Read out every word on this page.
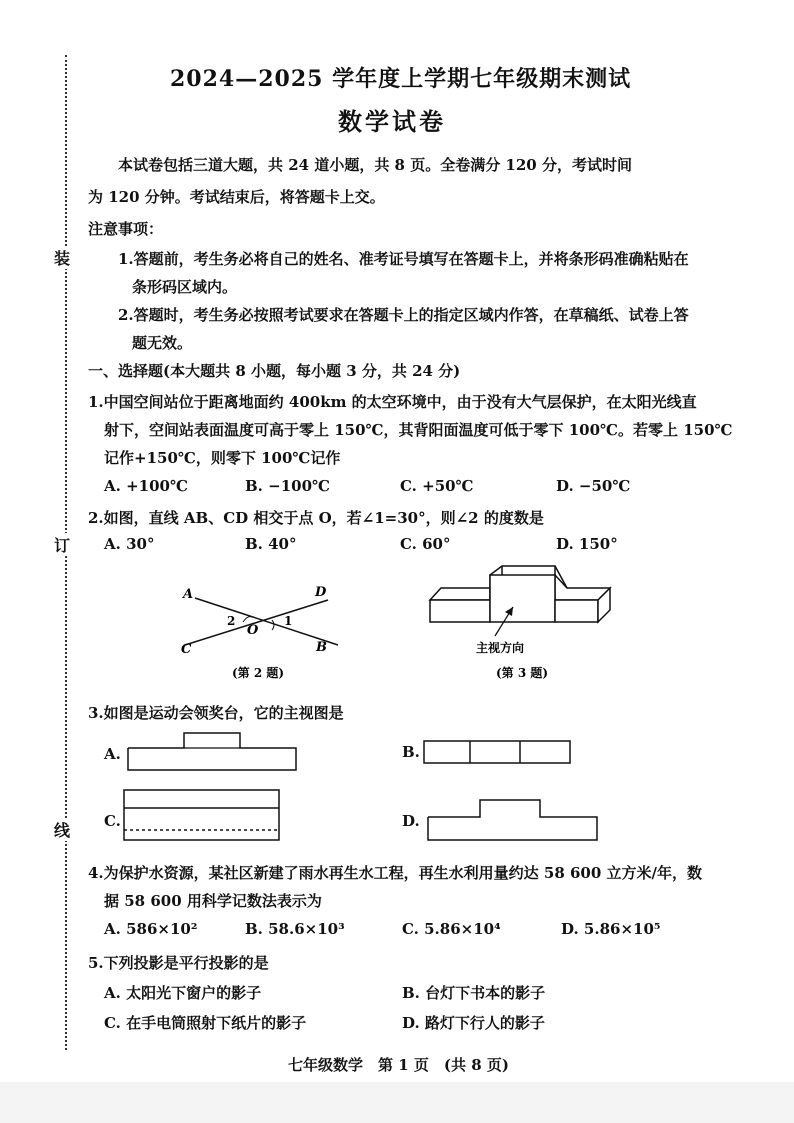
装
订
线
2024—2025 学年度上学期七年级期末测试
数学试卷
本试卷包括三道大题，共 24 道小题，共 8 页。全卷满分 120 分，考试时间
为 120 分钟。考试结束后，将答题卡上交。
注意事项：
1.答题前，考生务必将自己的姓名、准考证号填写在答题卡上，并将条形码准确粘贴在
条形码区域内。
2.答题时，考生务必按照考试要求在答题卡上的指定区域内作答，在草稿纸、试卷上答
题无效。
一、选择题(本大题共 8 小题，每小题 3 分，共 24 分)
1.中国空间站位于距离地面约 400km 的太空环境中，由于没有大气层保护，在太阳光线直
射下，空间站表面温度可高于零上 150℃，其背阳面温度可低于零下 100℃。若零上 150℃
记作+150℃，则零下 100℃记作
A. +100℃	B. −100℃	C. +50℃	D. −50℃
2.如图，直线 AB、CD 相交于点 O，若∠1=30°，则∠2 的度数是
A. 30°	B. 40°	C. 60°	D. 150°
A	D
C	B
O
2	1
(第 2 题)
主视方向
(第 3 题)
3.如图是运动会领奖台，它的主视图是
A.	B.
C.	D.
4.为保护水资源，某社区新建了雨水再生水工程，再生水利用量约达 58 600 立方米/年，数
据 58 600 用科学记数法表示为
A. 586×10²	B. 58.6×10³	C. 5.86×10⁴	D. 5.86×10⁵
5.下列投影是平行投影的是
A. 太阳光下窗户的影子	B. 台灯下书本的影子
C. 在手电筒照射下纸片的影子	D. 路灯下行人的影子
七年级数学　第 1 页　(共 8 页)
